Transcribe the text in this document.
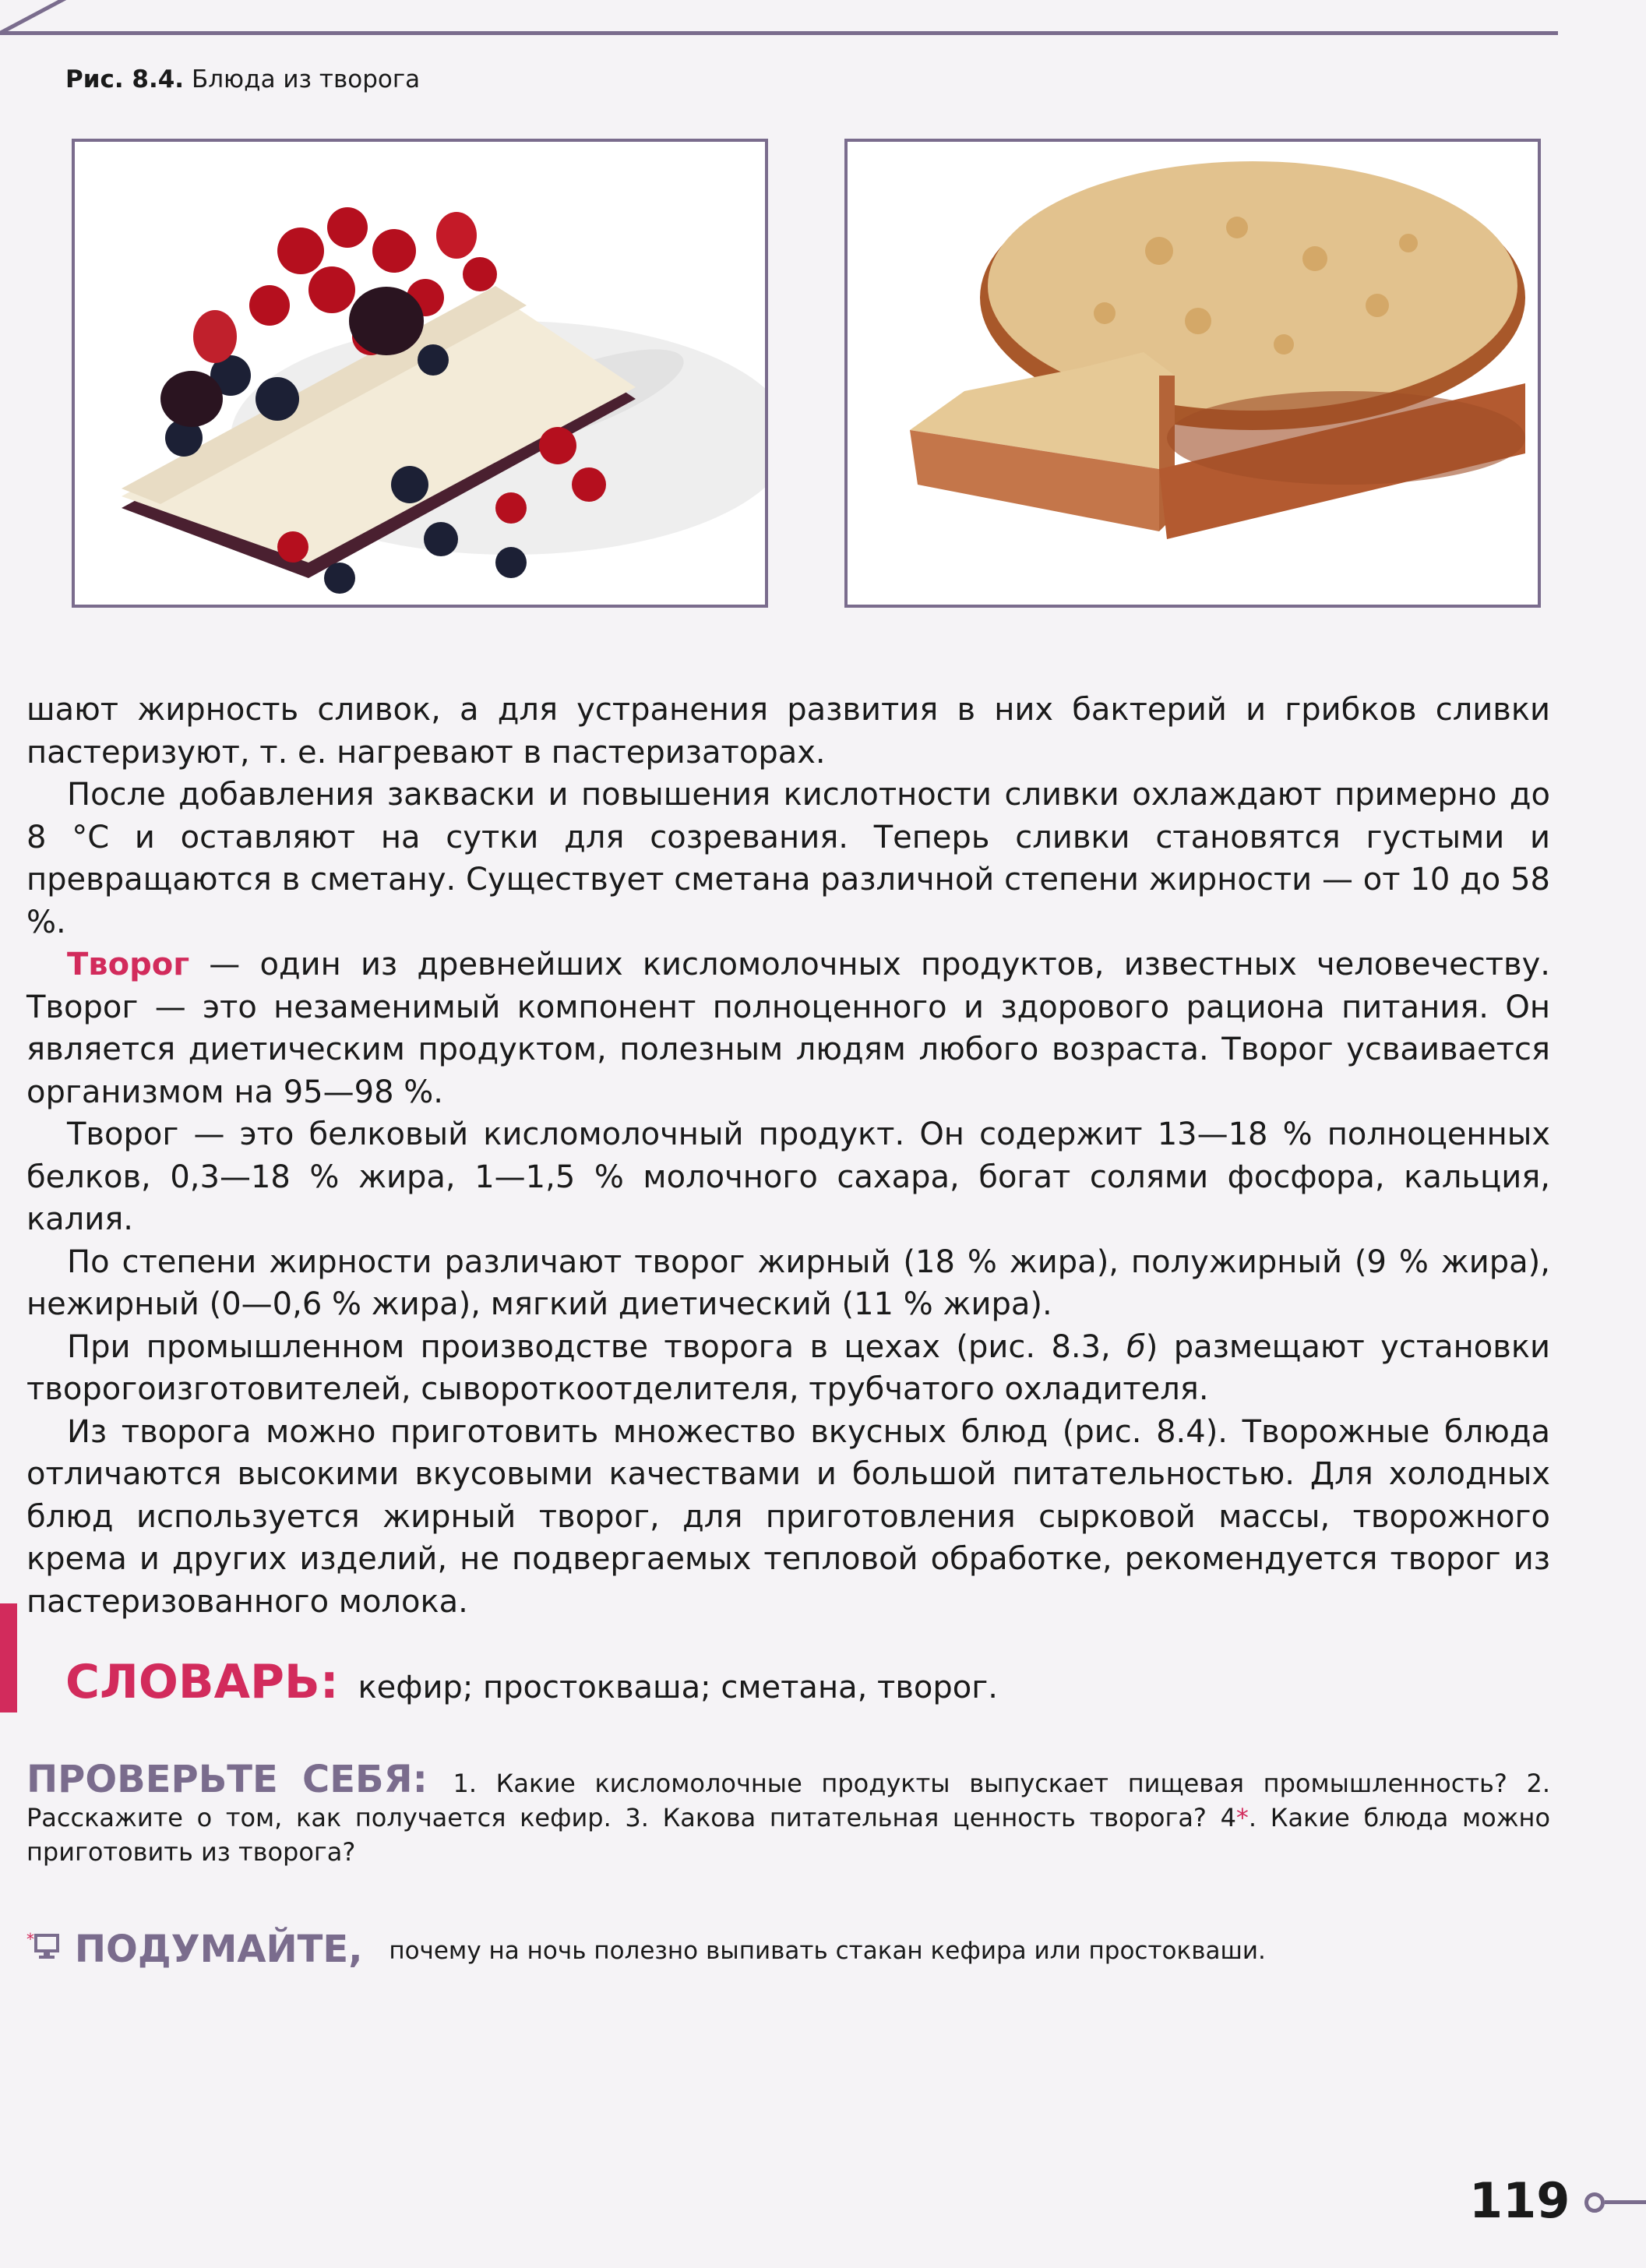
Рис. 8.4. Блюда из творога

шают жирность сливок, а для устранения развития в них бактерий и грибков сливки пастеризуют, т. е. нагревают в пастеризаторах.

После добавления закваски и повышения кислотности сливки охлаждают примерно до 8 °С и оставляют на сутки для созревания. Теперь сливки становятся густыми и превращаются в сметану. Существует сметана различной степени жирности — от 10 до 58 %.

Творог — один из древнейших кисломолочных продуктов, известных человечеству. Творог — это незаменимый компонент полноценного и здорового рациона питания. Он является диетическим продуктом, полезным людям любого возраста. Творог усваивается организмом на 95—98 %.

Творог — это белковый кисломолочный продукт. Он содержит 13—18 % полноценных белков, 0,3—18 % жира, 1—1,5 % молочного сахара, богат солями фосфора, кальция, калия.

По степени жирности различают творог жирный (18 % жира), полужирный (9 % жира), нежирный (0—0,6 % жира), мягкий диетический (11 % жира).

При промышленном производстве творога в цехах (рис. 8.3, б) размещают установки творогоизготовителей, сывороткоотделителя, трубчатого охладителя.

Из творога можно приготовить множество вкусных блюд (рис. 8.4). Творожные блюда отличаются высокими вкусовыми качествами и большой питательностью. Для холодных блюд используется жирный творог, для приготовления сырковой массы, творожного крема и других изделий, не подвергаемых тепловой обработке, рекомендуется творог из пастеризованного молока.

СЛОВАРЬ: кефир; простокваша; сметана, творог.
ПРОВЕРЬТЕ СЕБЯ: 1. Какие кисломолочные продукты выпускает пищевая промышленность? 2. Расскажите о том, как получается кефир. 3. Какова питательная ценность творога? 4*. Какие блюда можно приготовить из творога?
* ПОДУМАЙТЕ, почему на ночь полезно выпивать стакан кефира или простокваши.
119
